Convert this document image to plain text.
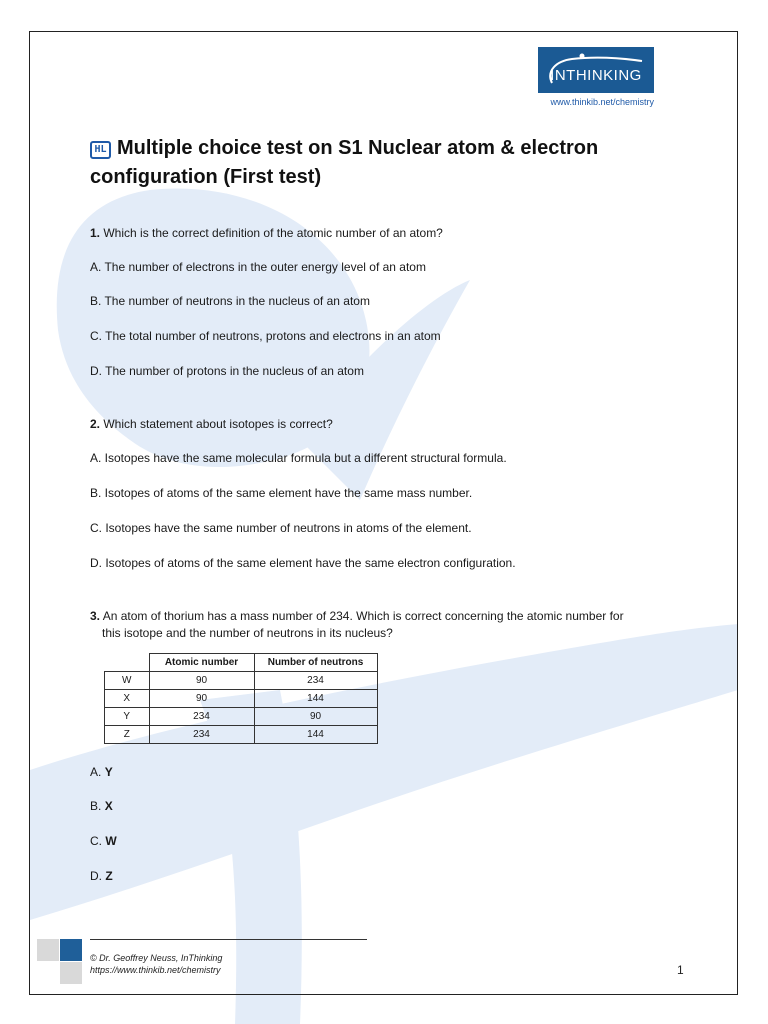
INTHINKING
www.thinkib.net/chemistry
HL Multiple choice test on S1 Nuclear atom & electron configuration (First test)
1. Which is the correct definition of the atomic number of an atom?
A. The number of electrons in the outer energy level of an atom
B. The number of neutrons in the nucleus of an atom
C. The total number of neutrons, protons and electrons in an atom
D. The number of protons in the nucleus of an atom
2. Which statement about isotopes is correct?
A. Isotopes have the same molecular formula but a different structural formula.
B. Isotopes of atoms of the same element have the same mass number.
C. Isotopes have the same number of neutrons in atoms of the element.
D. Isotopes of atoms of the same element have the same electron configuration.
3. An atom of thorium has a mass number of 234. Which is correct concerning the atomic number for
this isotope and the number of neutrons in its nucleus?
	Atomic number	Number of neutrons
W	90	234
X	90	144
Y	234	90
Z	234	144
A. Y
B. X
C. W
D. Z
© Dr. Geoffrey Neuss, InThinking
https://www.thinkib.net/chemistry	1
